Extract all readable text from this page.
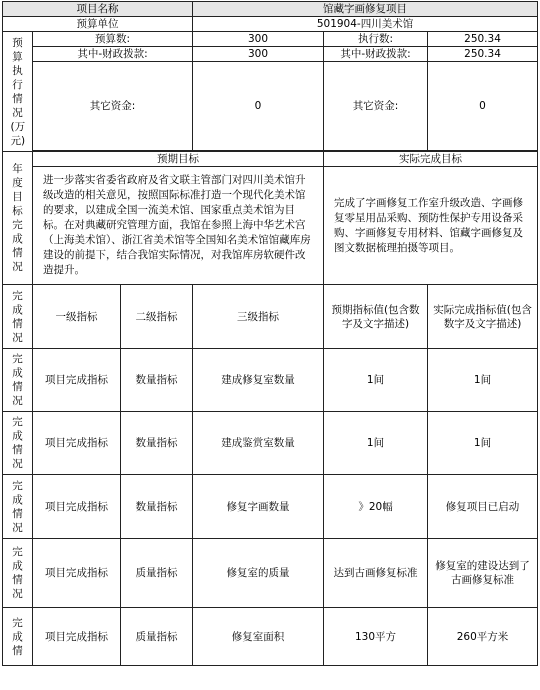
项目名称			馆藏字画修复项目		
预算单位			501904-四川美术馆		

预算执行情况(万元)	预算数:		300	执行数:	250.34
	其中-财政拨款:		300	其中-财政拨款:	250.34
	其它资金:		0	其它资金:	0

年度目标完成情况	预期目标			实际完成目标	
	进一步落实省委省政府及省文联主管部门对四川美术馆升级改造的相关意见，按照国际标准打造一个现代化美术馆的要求，以建成全国一流美术馆、国家重点美术馆为目标。在对典藏研究管理方面，我馆在参照上海中华艺术宫（上海美术馆）、浙江省美术馆等全国知名美术馆馆藏库房建设的前提下，结合我馆实际情况，对我馆库房软硬件改造提升。			完成了字画修复工作室升级改造、字画修复零星用品采购、预防性保护专用设备采购、字画修复专用材料、馆藏字画修复及图文数据梳理拍摄等项目。	

完成情况	一级指标	二级指标	三级指标	预期指标值(包含数字及文字描述)	实际完成指标值(包含数字及文字描述)

完成情况	项目完成指标	数量指标	建成修复室数量	1间	1间

完成情况	项目完成指标	数量指标	建成鉴赏室数量	1间	1间

完成情况	项目完成指标	数量指标	修复字画数量	》20幅	修复项目已启动

完成情况	项目完成指标	质量指标	修复室的质量	达到古画修复标准	修复室的建设达到了古画修复标准

完成情	项目完成指标	质量指标	修复室面积	130平方	260平方米
